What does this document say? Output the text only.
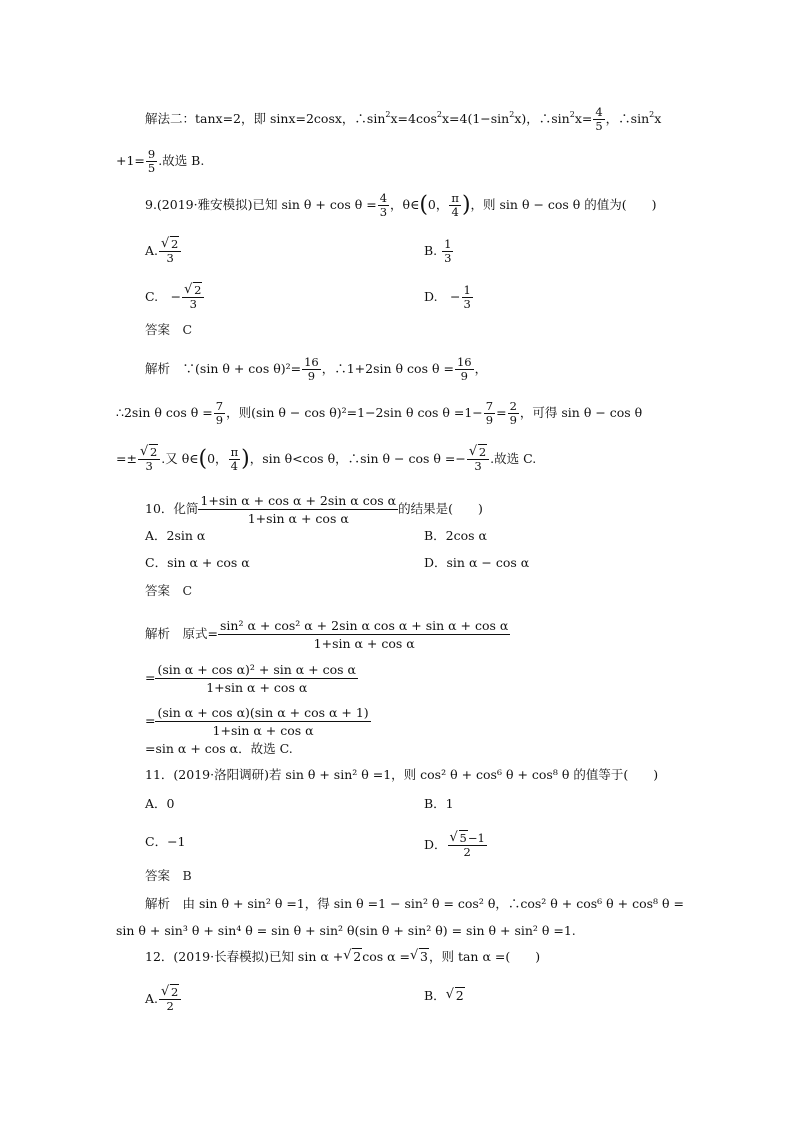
解法二：tanx=2，即 sinx=2cosx，$\therefore\sin^2x=4\cos^2x=4(1-\sin^2x)$，$\therefore\sin^2x= \frac{4}{5}$ ，$\therefore\sin^2x$
$+1= \frac{9}{5}$ .故选 B.
9.(2019·雅安模拟)已知 $\sin \theta + \cos \theta = \frac{4}{3}$ ，θ∈(0， $\frac{\pi}{4}$ )，则 sin θ − cos θ 的值为(　　)
A. √ $\frac{2}{3}$	B. $\frac{1}{3}$
C.　− √ $\frac{2}{3}$	D.　− $\frac{1}{3}$
答案　 C
解析　 ∵(sin $\theta + \cos \theta)^2= \frac{16}{9}$ ，∴1+2sin θ $\cos \theta = \frac{16}{9}$ ，
∴2sin θ $\cos \theta = \frac{7}{9}$ ，则(sin θ − cos θ)²=1−2sin θ $\cos \theta =1- \frac{7}{9} = \frac{2}{9}$ ，可得 sin θ − cos θ
=± √ $\frac{2}{3}$ .又 θ∈(0， $\frac{\pi}{4}$ )，sin θ<cos θ，∴sin θ − cos θ =− √ $\frac{2}{3}$ .故选 C.
10．化简 $\frac{\text{1+sin α + cos α + 2sin α cos α}}{\text{1+sin α + cos α}}$ 的结果是(　　)
A．2sin α	B．2cos α
C．sin α + cos α	D．sin α − cos α
答案　 C
解析　 原式= $\frac{\text{sin² α + cos² α + 2sin α cos α + sin α + cos α}}{\text{1+sin α + cos α}}$
= $\frac{\text{(sin α + cos α)² + sin α + cos α}}{\text{1+sin α + cos α}}$
= $\frac{\text{(sin α + cos α)(sin α + cos α + 1)}}{\text{1+sin α + cos α}}$
=sin α + cos α．故选 C.
11．(2019·洛阳调研)若 sin θ + sin² θ =1，则 cos² θ + cos⁶ θ + cos⁸ θ 的值等于(　　)
A．0	B．1
C．−1	D． √ $\frac{5-1}{2}$
答案　 B
解析　 由 sin θ + sin² θ =1，得 sin θ =1 − sin² θ = cos² θ，∴cos² θ + cos⁶ θ + cos⁸ θ =
sin θ + sin³ θ + sin⁴ θ = sin θ + sin² θ(sin θ + sin² θ) = sin θ + sin² θ =1.
12．(2019·长春模拟)已知 sin α + √ 2cos α = √ 3，则 tan α =(　　)
A. √ $\frac{2}{2}$	B． √ 2
